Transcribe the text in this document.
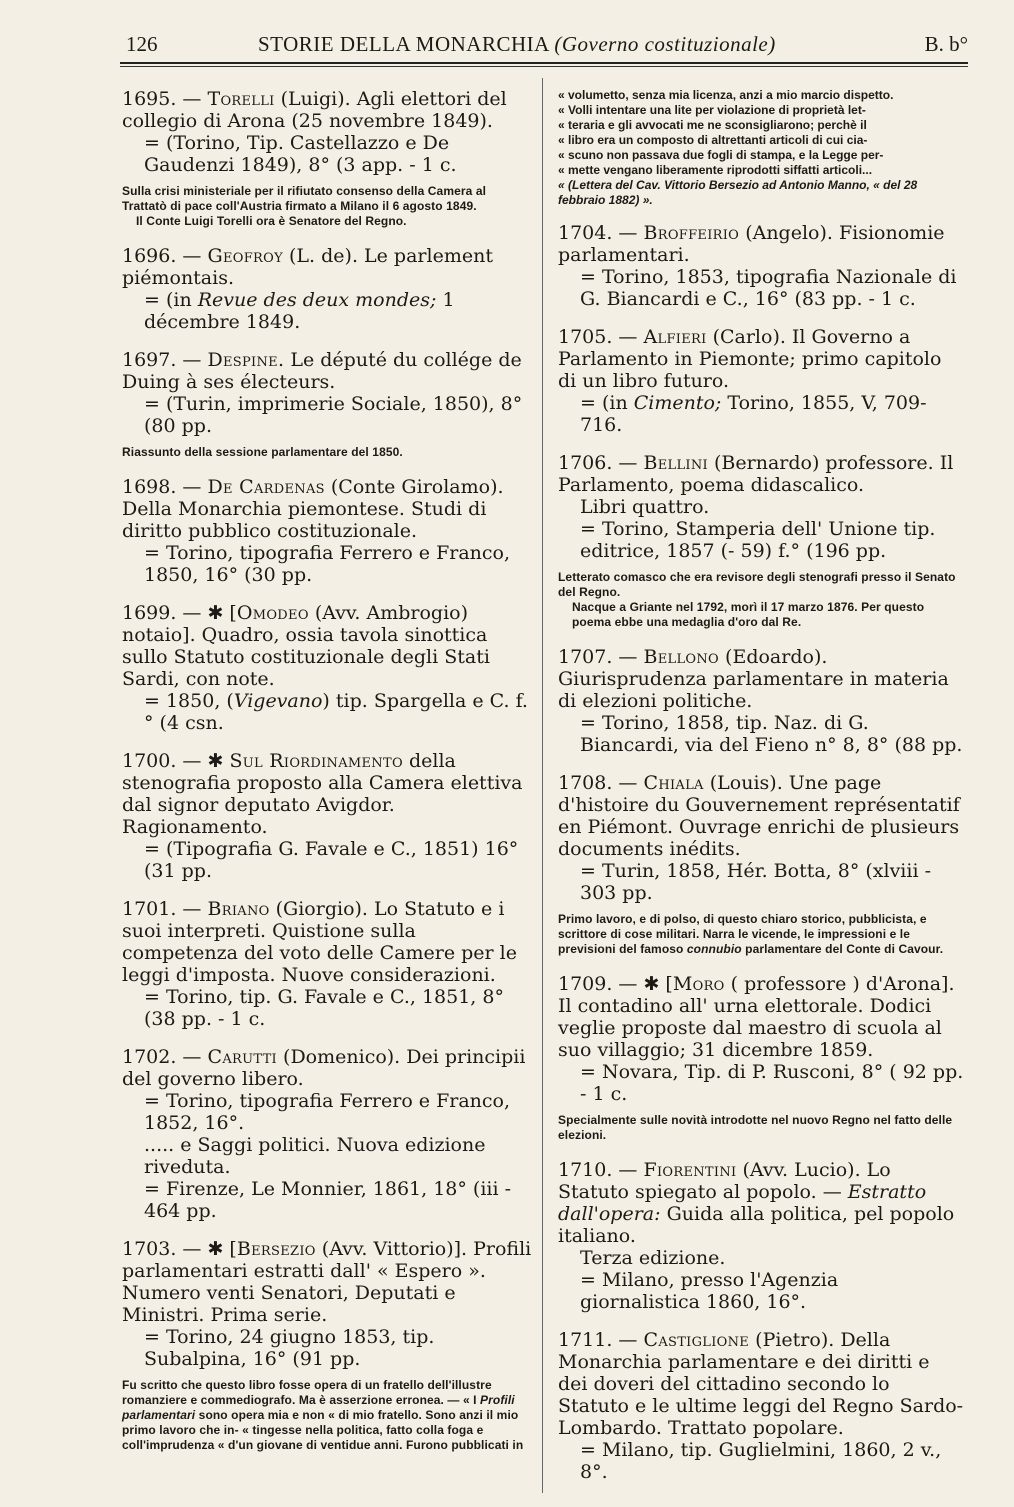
126	STORIE DELLA MONARCHIA (Governo costituzionale)	B. b°
1695. — Torelli (Luigi). Agli elettori del collegio di Arona (25 novembre 1849).
= (Torino, Tip. Castellazzo e De Gaudenzi 1849), 8° (3 app. - 1 c.

Sulla crisi ministeriale per il rifiutato consenso della Camera al Trattatò di pace coll'Austria firmato a Milano il 6 agosto 1849.

Il Conte Luigi Torelli ora è Senatore del Regno.

1696. — Geofroy (L. de). Le parlement piémontais.
= (in Revue des deux mondes; 1 décembre 1849.
1697. — Despine. Le député du collége de Duing à ses électeurs.
= (Turin, imprimerie Sociale, 1850), 8° (80 pp.

Riassunto della sessione parlamentare del 1850.

1698. — De Cardenas (Conte Girolamo). Della Monarchia piemontese. Studi di diritto pubblico costituzionale.
= Torino, tipografia Ferrero e Franco, 1850, 16° (30 pp.
1699. — ✱ [Omodeo (Avv. Ambrogio) notaio]. Quadro, ossia tavola sinottica sullo Statuto costituzionale degli Stati Sardi, con note.
= 1850, (Vigevano) tip. Spargella e C. f.° (4 csn.
1700. — ✱ Sul Riordinamento della stenografia proposto alla Camera elettiva dal signor deputato Avigdor. Ragionamento.
= (Tipografia G. Favale e C., 1851) 16° (31 pp.
1701. — Briano (Giorgio). Lo Statuto e i suoi interpreti. Quistione sulla competenza del voto delle Camere per le leggi d'imposta. Nuove considerazioni.
= Torino, tip. G. Favale e C., 1851, 8° (38 pp. - 1 c.
1702. — Carutti (Domenico). Dei principii del governo libero.
= Torino, tipografia Ferrero e Franco, 1852, 16°.
..... e Saggi politici. Nuova edizione riveduta.
= Firenze, Le Monnier, 1861, 18° (iii - 464 pp.
1703. — ✱ [Bersezio (Avv. Vittorio)]. Profili parlamentari estratti dall' « Espero ». Numero venti Senatori, Deputati e Ministri. Prima serie.
= Torino, 24 giugno 1853, tip. Subalpina, 16° (91 pp.

Fu scritto che questo libro fosse opera di un fratello dell'illustre romanziere e commediografo. Ma è asserzione erronea. — « I Profili parlamentari sono opera mia e non « di mio fratello. Sono anzi il mio primo lavoro che in- « tingesse nella politica, fatto colla foga e coll'imprudenza « d'un giovane di ventidue anni. Furono pubblicati in

« volumetto, senza mia licenza, anzi a mio marcio dispetto.

« Volli intentare una lite per violazione di proprietà let-

« teraria e gli avvocati me ne sconsigliarono; perchè il

« libro era un composto di altrettanti articoli di cui cia-

« scuno non passava due fogli di stampa, e la Legge per-

« mette vengano liberamente riprodotti siffatti articoli...

« (Lettera del Cav. Vittorio Bersezio ad Antonio Manno, « del 28 febbraio 1882) ».

1704. — Broffeirio (Angelo). Fisionomie parlamentari.
= Torino, 1853, tipografia Nazionale di G. Biancardi e C., 16° (83 pp. - 1 c.
1705. — Alfieri (Carlo). Il Governo a Parlamento in Piemonte; primo capitolo di un libro futuro.
= (in Cimento; Torino, 1855, V, 709-716.
1706. — Bellini (Bernardo) professore. Il Parlamento, poema didascalico.
Libri quattro.
= Torino, Stamperia dell' Unione tip. editrice, 1857 (- 59) f.° (196 pp.

Letterato comasco che era revisore degli stenografi presso il Senato del Regno.

Nacque a Griante nel 1792, morì il 17 marzo 1876. Per questo poema ebbe una medaglia d'oro dal Re.

1707. — Bellono (Edoardo). Giurisprudenza parlamentare in materia di elezioni politiche.
= Torino, 1858, tip. Naz. di G. Biancardi, via del Fieno n° 8, 8° (88 pp.
1708. — Chiala (Louis). Une page d'histoire du Gouvernement représentatif en Piémont. Ouvrage enrichi de plusieurs documents inédits.
= Turin, 1858, Hér. Botta, 8° (xlviii - 303 pp.

Primo lavoro, e di polso, di questo chiaro storico, pubblicista, e scrittore di cose militari. Narra le vicende, le impressioni e le previsioni del famoso connubio parlamentare del Conte di Cavour.

1709. — ✱ [Moro ( professore ) d'Arona]. Il contadino all' urna elettorale. Dodici veglie proposte dal maestro di scuola al suo villaggio; 31 dicembre 1859.
= Novara, Tip. di P. Rusconi, 8° ( 92 pp. - 1 c.

Specialmente sulle novità introdotte nel nuovo Regno nel fatto delle elezioni.

1710. — Fiorentini (Avv. Lucio). Lo Statuto spiegato al popolo. — Estratto dall'opera: Guida alla politica, pel popolo italiano.
Terza edizione.
= Milano, presso l'Agenzia giornalistica 1860, 16°.
1711. — Castiglione (Pietro). Della Monarchia parlamentare e dei diritti e dei doveri del cittadino secondo lo Statuto e le ultime leggi del Regno Sardo-Lombardo. Trattato popolare.
= Milano, tip. Guglielmini, 1860, 2 v., 8°.
